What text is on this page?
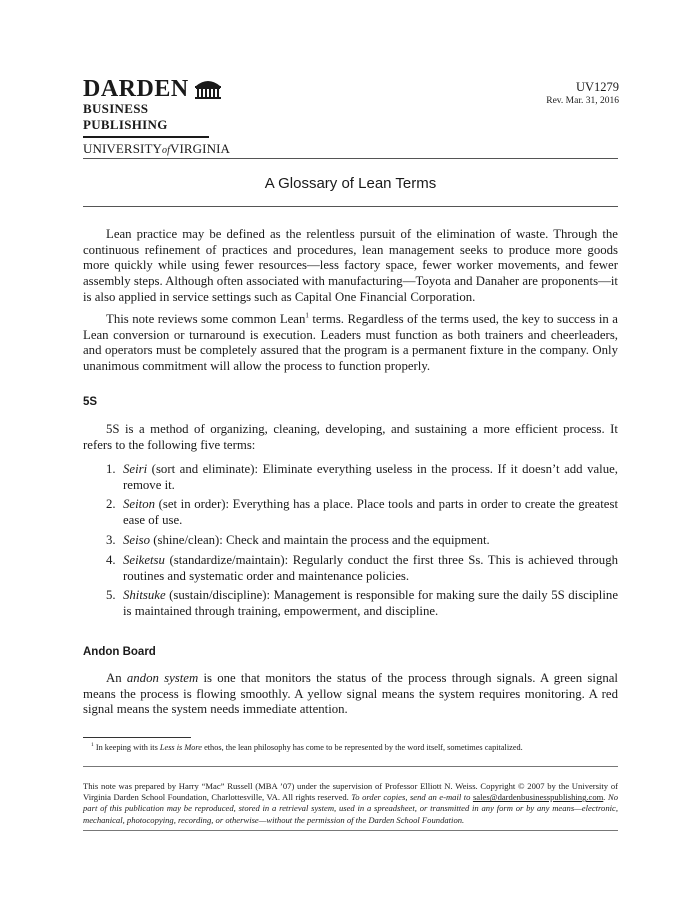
DARDEN
BUSINESS PUBLISHING
UNIVERSITYofVIRGINIA
UV1279
Rev. Mar. 31, 2016
A Glossary of Lean Terms
Lean practice may be defined as the relentless pursuit of the elimination of waste. Through the continuous refinement of practices and procedures, lean management seeks to produce more goods more quickly while using fewer resources—less factory space, fewer worker movements, and fewer assembly steps. Although often associated with manufacturing—Toyota and Danaher are proponents—it is also applied in service settings such as Capital One Financial Corporation.
This note reviews some common Lean$^1$ terms. Regardless of the terms used, the key to success in a Lean conversion or turnaround is execution. Leaders must function as both trainers and cheerleaders, and operators must be completely assured that the program is a permanent fixture in the company. Only unanimous commitment will allow the process to function properly.
5S
5S is a method of organizing, cleaning, developing, and sustaining a more efficient process. It refers to the following five terms:
1. Seiri (sort and eliminate): Eliminate everything useless in the process. If it doesn’t add value, remove it.
2. Seiton (set in order): Everything has a place. Place tools and parts in order to create the greatest ease of use.
3. Seiso (shine/clean): Check and maintain the process and the equipment.
4. Seiketsu (standardize/maintain): Regularly conduct the first three Ss. This is achieved through routines and systematic order and maintenance policies.
5. Shitsuke (sustain/discipline): Management is responsible for making sure the daily 5S discipline is maintained through training, empowerment, and discipline.
Andon Board
An andon system is one that monitors the status of the process through signals. A green signal means the process is flowing smoothly. A yellow signal means the system requires monitoring. A red signal means the system needs immediate attention.
$^1$ In keeping with its Less is More ethos, the lean philosophy has come to be represented by the word itself, sometimes capitalized.
This note was prepared by Harry “Mac” Russell (MBA ’07) under the supervision of Professor Elliott N. Weiss. Copyright © 2007 by the University of Virginia Darden School Foundation, Charlottesville, VA. All rights reserved. To order copies, send an e-mail to sales@dardenbusinesspublishing.com. No part of this publication may be reproduced, stored in a retrieval system, used in a spreadsheet, or transmitted in any form or by any means—electronic, mechanical, photocopying, recording, or otherwise—without the permission of the Darden School Foundation.
